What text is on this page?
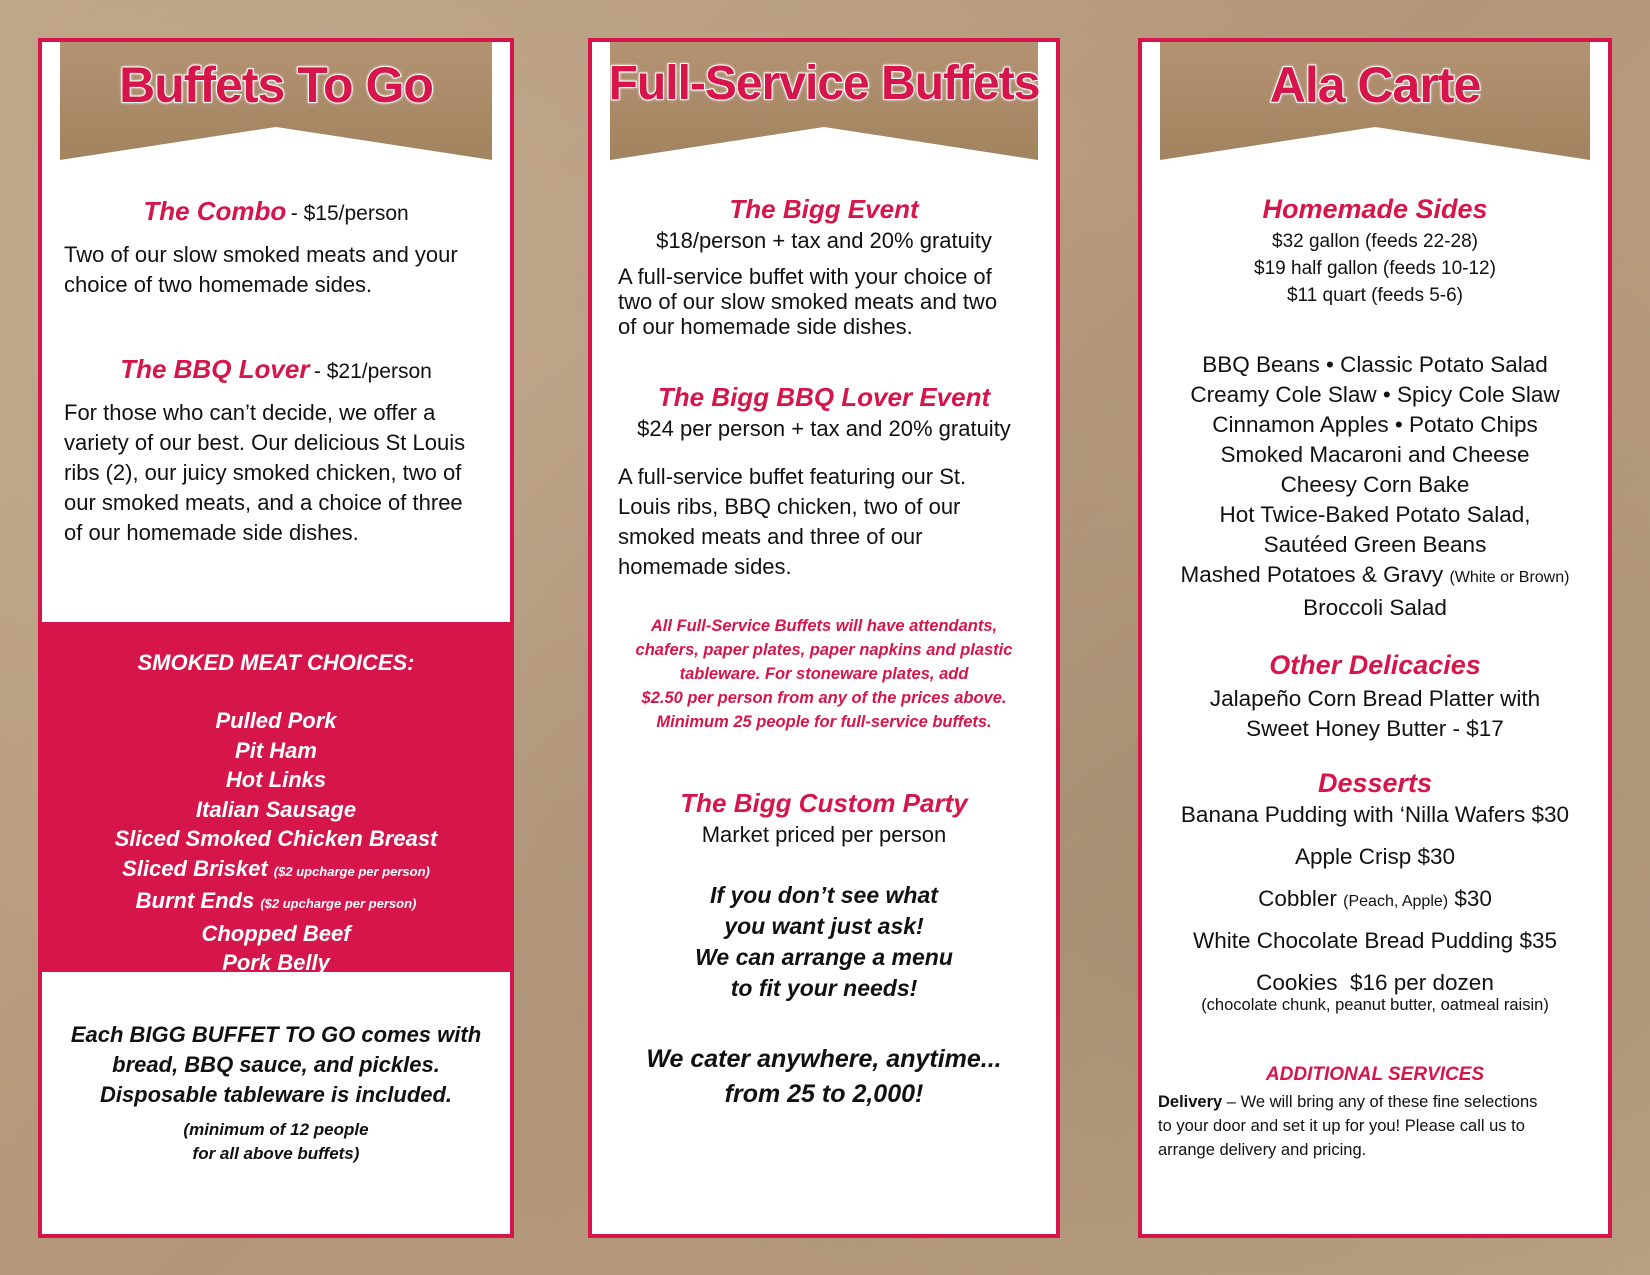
Buffets To Go
The Combo - $15/person
Two of our slow smoked meats and your
choice of two homemade sides.
The BBQ Lover - $21/person
For those who can’t decide, we offer a
variety of our best. Our delicious St Louis
ribs (2), our juicy smoked chicken, two of
our smoked meats, and a choice of three
of our homemade side dishes.
SMOKED MEAT CHOICES:
Pulled Pork
Pit Ham
Hot Links
Italian Sausage
Sliced Smoked Chicken Breast
Sliced Brisket ($2 upcharge per person)
Burnt Ends ($2 upcharge per person)
Chopped Beef
Pork Belly
Each BIGG BUFFET TO GO comes with
bread, BBQ sauce, and pickles.
Disposable tableware is included.
(minimum of 12 people
for all above buffets)
Full-Service Buffets
The Bigg Event
$18/person + tax and 20% gratuity
A full-service buffet with your choice of
two of our slow smoked meats and two
of our homemade side dishes.
The Bigg BBQ Lover Event
$24 per person + tax and 20% gratuity
A full-service buffet featuring our St.
Louis ribs, BBQ chicken, two of our
smoked meats and three of our
homemade sides.
All Full-Service Buffets will have attendants,
chafers, paper plates, paper napkins and plastic
tableware. For stoneware plates, add
$2.50 per person from any of the prices above.
Minimum 25 people for full-service buffets.
The Bigg Custom Party
Market priced per person
If you don’t see what
you want just ask!
We can arrange a menu
to fit your needs!
We cater anywhere, anytime...
from 25 to 2,000!
Ala Carte
Homemade Sides
$32 gallon (feeds 22-28)
$19 half gallon (feeds 10-12)
$11 quart (feeds 5-6)
BBQ Beans • Classic Potato Salad
Creamy Cole Slaw • Spicy Cole Slaw
Cinnamon Apples • Potato Chips
Smoked Macaroni and Cheese
Cheesy Corn Bake
Hot Twice-Baked Potato Salad,
Sautéed Green Beans
Mashed Potatoes & Gravy (White or Brown)
Broccoli Salad
Other Delicacies
Jalapeño Corn Bread Platter with
Sweet Honey Butter - $17
Desserts
Banana Pudding with ‘Nilla Wafers $30
Apple Crisp $30
Cobbler (Peach, Apple) $30
White Chocolate Bread Pudding $35
Cookies  $16 per dozen
(chocolate chunk, peanut butter, oatmeal raisin)
ADDITIONAL SERVICES
Delivery – We will bring any of these fine selections
to your door and set it up for you! Please call us to
arrange delivery and pricing.
